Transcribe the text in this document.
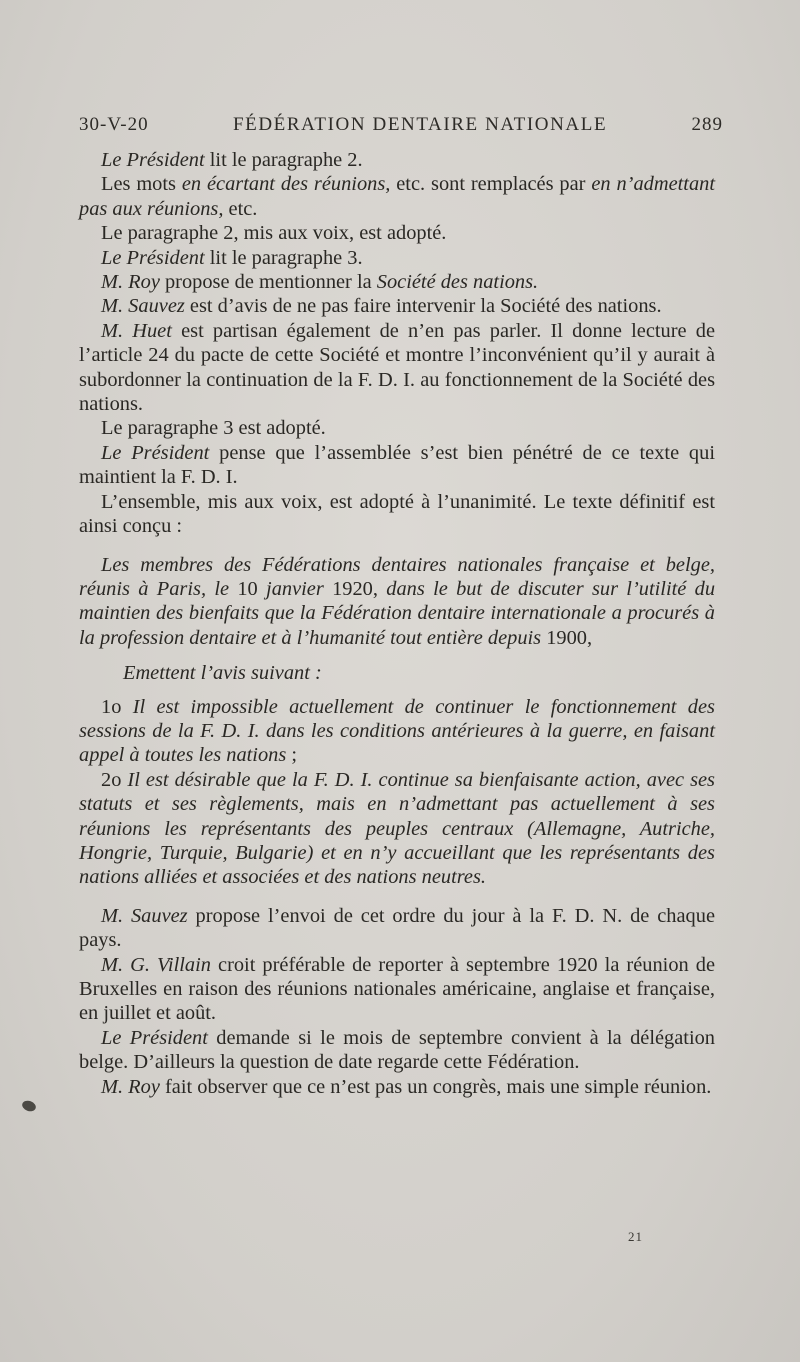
30-V-20	FÉDÉRATION DENTAIRE NATIONALE	289

Le Président lit le paragraphe 2.

Les mots en écartant des réunions, etc. sont remplacés par en n’admettant pas aux réunions, etc.

Le paragraphe 2, mis aux voix, est adopté.

Le Président lit le paragraphe 3.

M. Roy propose de mentionner la Société des nations.

M. Sauvez est d’avis de ne pas faire intervenir la Société des nations.

M. Huet est partisan également de n’en pas parler. Il donne lecture de l’article 24 du pacte de cette Société et montre l’inconvénient qu’il y aurait à subordonner la continuation de la F. D. I. au fonctionnement de la Société des nations.

Le paragraphe 3 est adopté.

Le Président pense que l’assemblée s’est bien pénétré de ce texte qui maintient la F. D. I.

L’ensemble, mis aux voix, est adopté à l’unanimité. Le texte définitif est ainsi conçu :

Les membres des Fédérations dentaires nationales française et belge, réunis à Paris, le 10 janvier 1920, dans le but de discuter sur l’utilité du maintien des bienfaits que la Fédération dentaire internationale a procurés à la profession dentaire et à l’humanité tout entière depuis 1900,

Emettent l’avis suivant :

1o Il est impossible actuellement de continuer le fonctionnement des sessions de la F. D. I. dans les conditions antérieures à la guerre, en faisant appel à toutes les nations ;

2o Il est désirable que la F. D. I. continue sa bienfaisante action, avec ses statuts et ses règlements, mais en n’admettant pas actuellement à ses réunions les représentants des peuples centraux (Allemagne, Autriche, Hongrie, Turquie, Bulgarie) et en n’y accueillant que les représentants des nations alliées et associées et des nations neutres.

M. Sauvez propose l’envoi de cet ordre du jour à la F. D. N. de chaque pays.

M. G. Villain croit préférable de reporter à septembre 1920 la réunion de Bruxelles en raison des réunions nationales américaine, anglaise et française, en juillet et août.

Le Président demande si le mois de septembre convient à la délégation belge. D’ailleurs la question de date regarde cette Fédération.

M. Roy fait observer que ce n’est pas un congrès, mais une simple réunion.

21
